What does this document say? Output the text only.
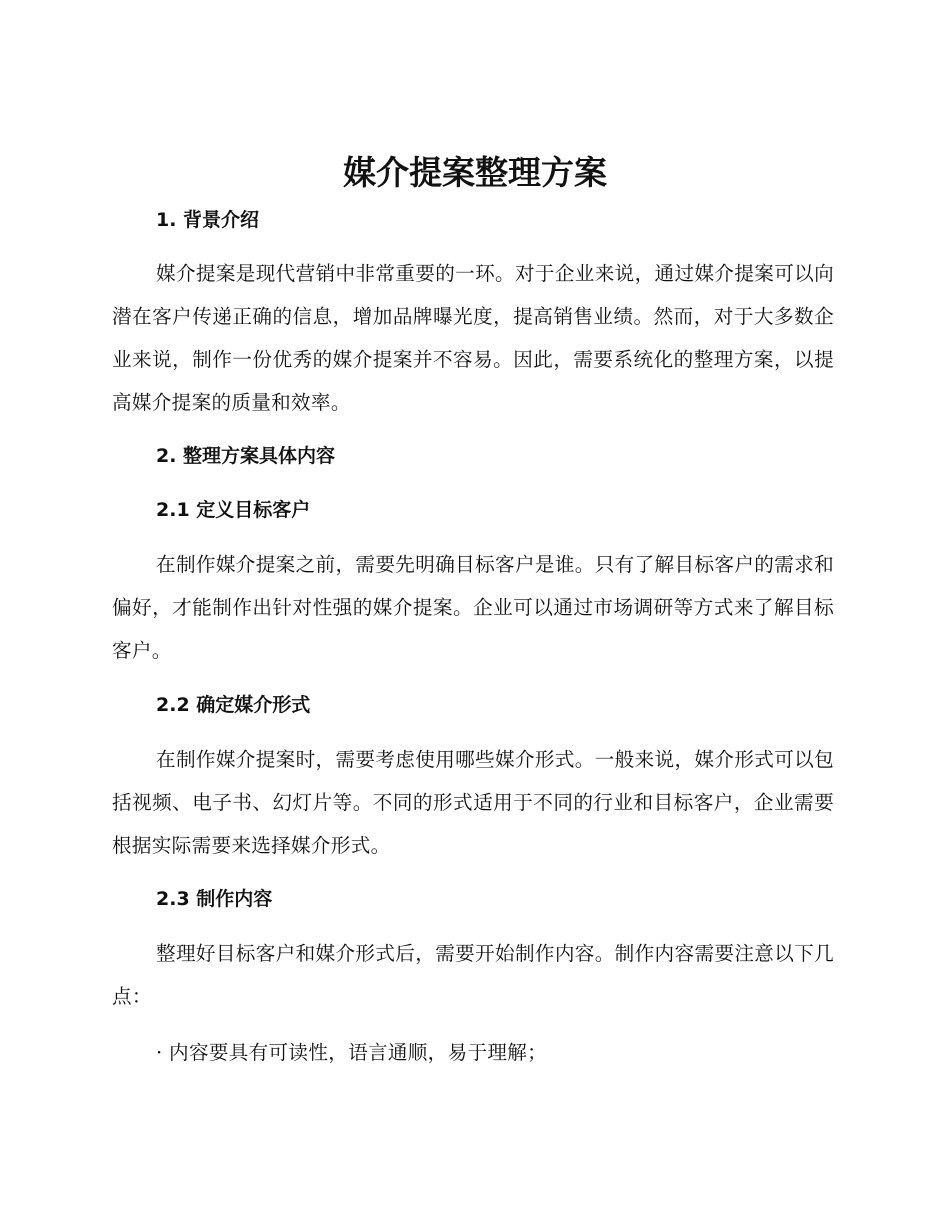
媒介提案整理方案
1. 背景介绍

媒介提案是现代营销中非常重要的一环。对于企业来说，通过媒介提案可以向潜在客户传递正确的信息，增加品牌曝光度，提高销售业绩。然而，对于大多数企业来说，制作一份优秀的媒介提案并不容易。因此，需要系统化的整理方案，以提高媒介提案的质量和效率。

2. 整理方案具体内容
2.1 定义目标客户

在制作媒介提案之前，需要先明确目标客户是谁。只有了解目标客户的需求和偏好，才能制作出针对性强的媒介提案。企业可以通过市场调研等方式来了解目标客户。

2.2 确定媒介形式

在制作媒介提案时，需要考虑使用哪些媒介形式。一般来说，媒介形式可以包括视频、电子书、幻灯片等。不同的形式适用于不同的行业和目标客户，企业需要根据实际需要来选择媒介形式。

2.3 制作内容

整理好目标客户和媒介形式后，需要开始制作内容。制作内容需要注意以下几点：

· 内容要具有可读性，语言通顺，易于理解；
